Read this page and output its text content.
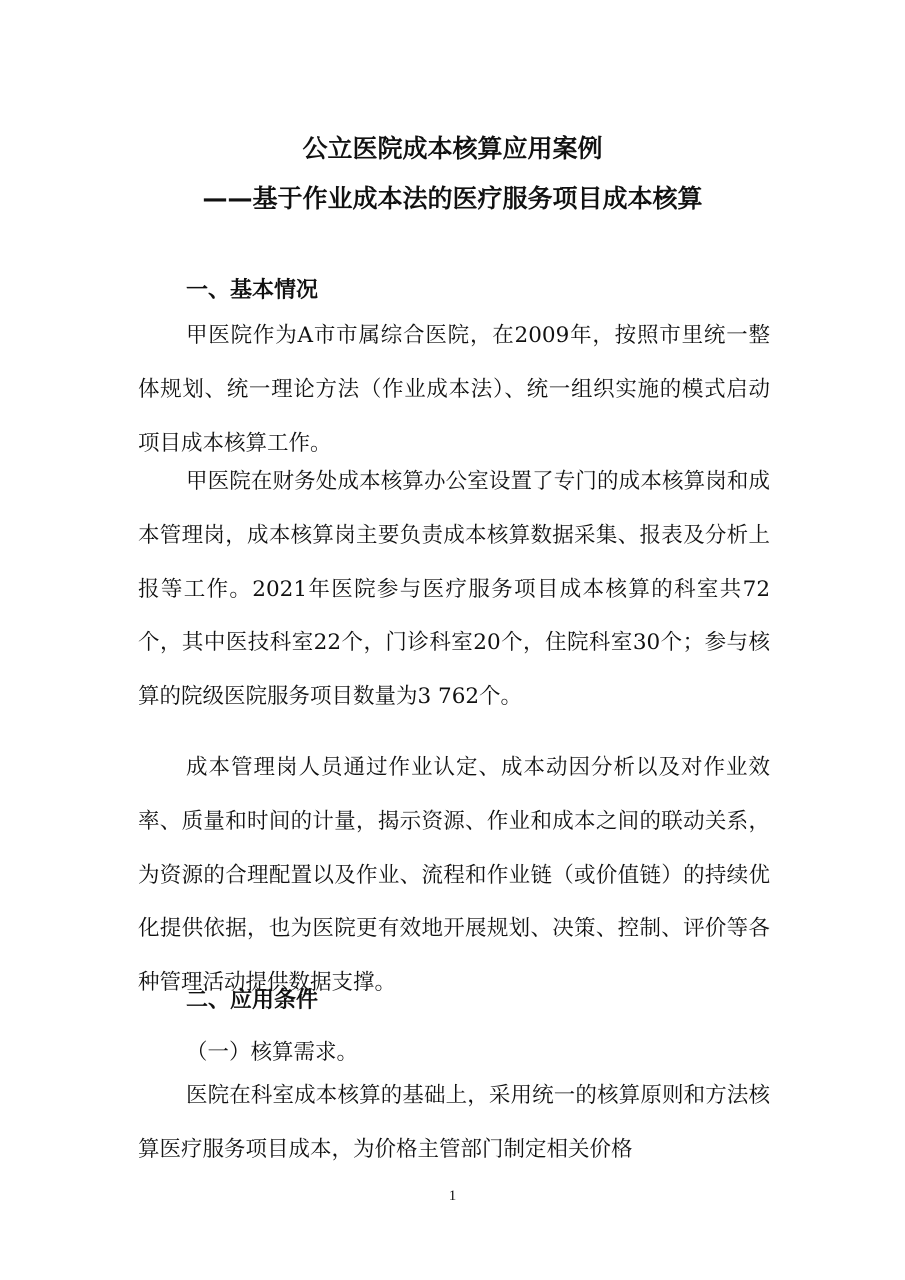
公立医院成本核算应用案例
——基于作业成本法的医疗服务项目成本核算
一、基本情况

甲医院作为A市市属综合医院，在2009年，按照市里统一整体规划、统一理论方法（作业成本法）、统一组织实施的模式启动项目成本核算工作。

甲医院在财务处成本核算办公室设置了专门的成本核算岗和成本管理岗，成本核算岗主要负责成本核算数据采集、报表及分析上报等工作。2021年医院参与医疗服务项目成本核算的科室共72个，其中医技科室22个，门诊科室20个，住院科室30个；参与核算的院级医院服务项目数量为3 762个。

成本管理岗人员通过作业认定、成本动因分析以及对作业效率、质量和时间的计量，揭示资源、作业和成本之间的联动关系，为资源的合理配置以及作业、流程和作业链（或价值链）的持续优化提供依据，也为医院更有效地开展规划、决策、控制、评价等各种管理活动提供数据支撑。

二、应用条件

（一）核算需求。

医院在科室成本核算的基础上，采用统一的核算原则和方法核算医疗服务项目成本，为价格主管部门制定相关价格

1
